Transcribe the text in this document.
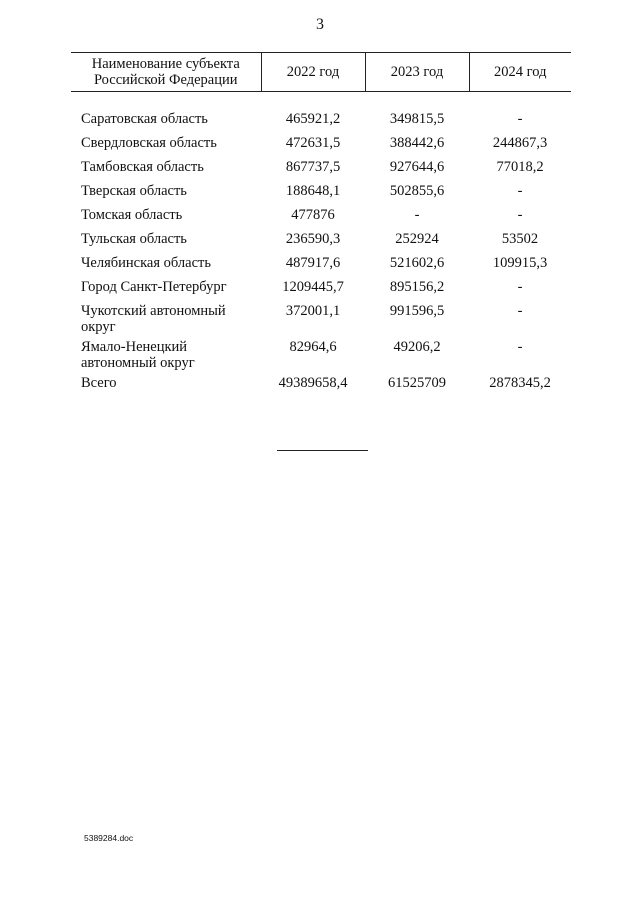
3
Наименование субъекта Российской Федерации	2022 год	2023 год	2024 год

Саратовская область	465921,2	349815,5	-
Свердловская область	472631,5	388442,6	244867,3
Тамбовская область	867737,5	927644,6	77018,2
Тверская область	188648,1	502855,6	-
Томская область	477876	-	-
Тульская область	236590,3	252924	53502
Челябинская область	487917,6	521602,6	109915,3
Город Санкт-Петербург	1209445,7	895156,2	-
Чукотский автономный округ	372001,1	991596,5	-
Ямало-Ненецкий автономный округ	82964,6	49206,2	-
Всего	49389658,4	61525709	2878345,2
5389284.doc
